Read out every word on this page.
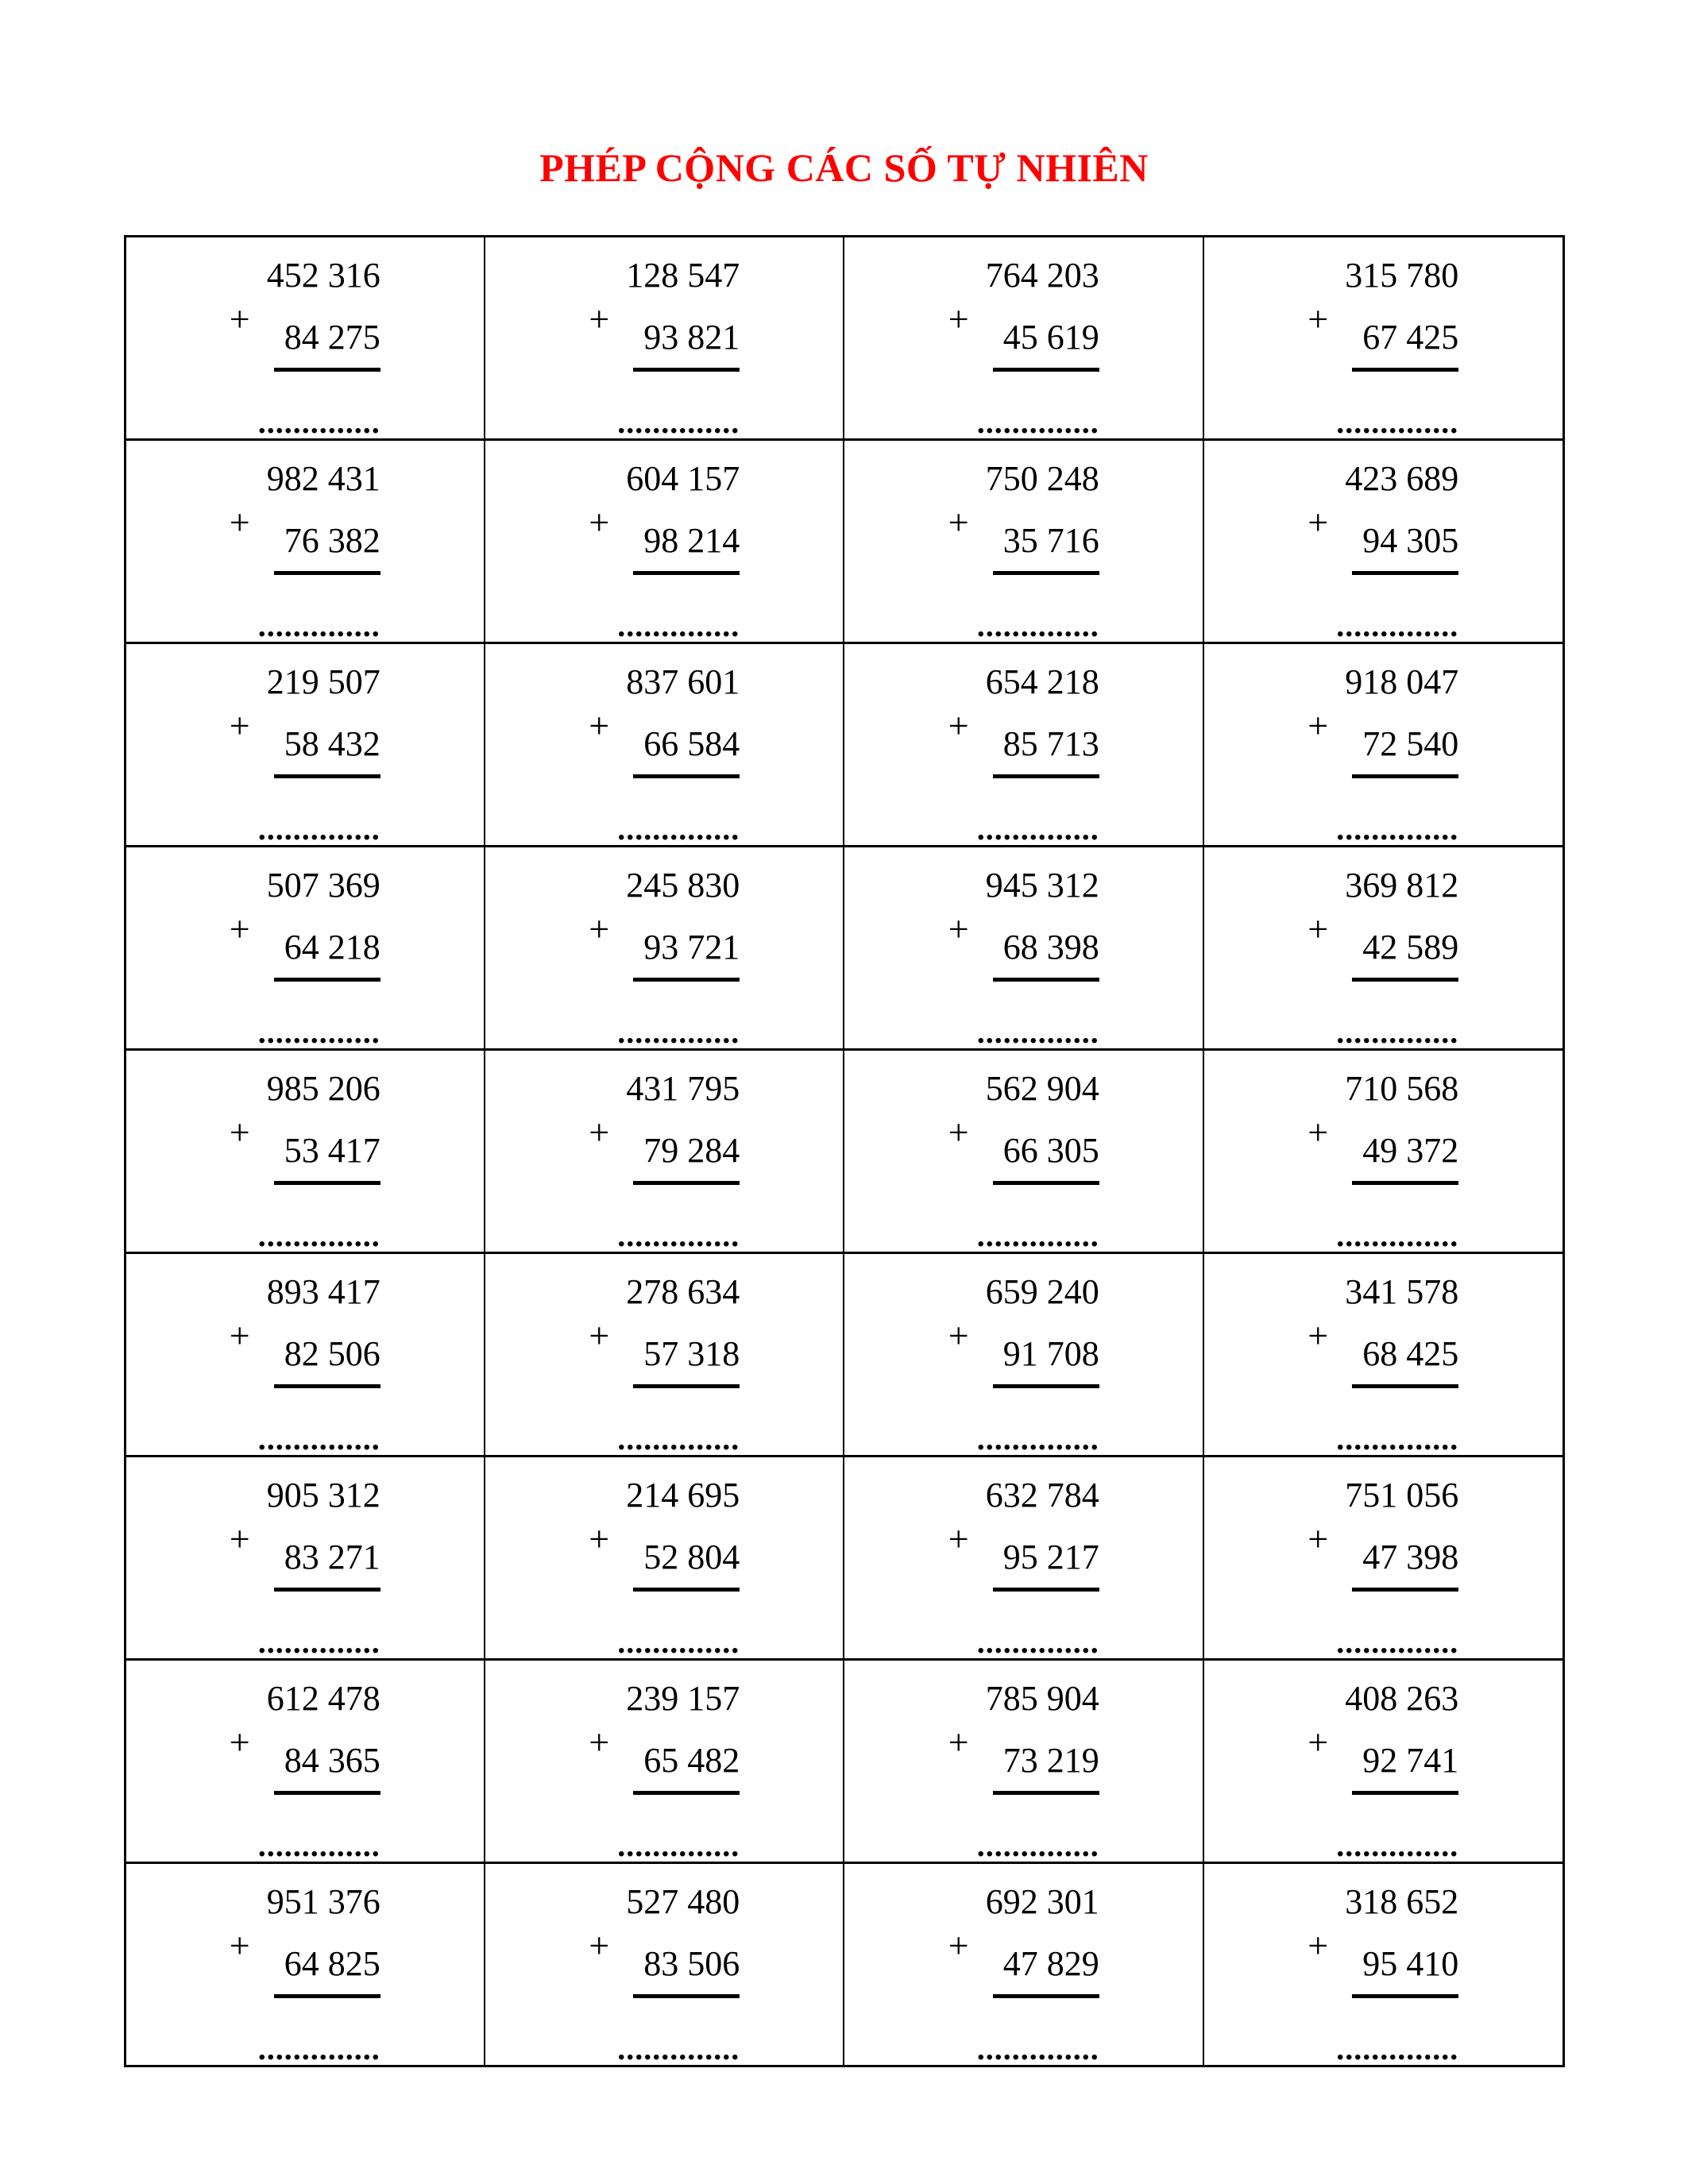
PHÉP CỘNG CÁC SỐ TỰ NHIÊN
452 316
+ 84 275
..............

128 547
+ 93 821
..............

764 203
+ 45 619
..............

315 780
+ 67 425
..............

982 431
+ 76 382
..............

604 157
+ 98 214
..............

750 248
+ 35 716
..............

423 689
+ 94 305
..............

219 507
+ 58 432
..............

837 601
+ 66 584
..............

654 218
+ 85 713
..............

918 047
+ 72 540
..............

507 369
+ 64 218
..............

245 830
+ 93 721
..............

945 312
+ 68 398
..............

369 812
+ 42 589
..............

985 206
+ 53 417
..............

431 795
+ 79 284
..............

562 904
+ 66 305
..............

710 568
+ 49 372
..............

893 417
+ 82 506
..............

278 634
+ 57 318
..............

659 240
+ 91 708
..............

341 578
+ 68 425
..............

905 312
+ 83 271
..............

214 695
+ 52 804
..............

632 784
+ 95 217
..............

751 056
+ 47 398
..............

612 478
+ 84 365
..............

239 157
+ 65 482
..............

785 904
+ 73 219
..............

408 263
+ 92 741
..............

951 376
+ 64 825
..............

527 480
+ 83 506
..............

692 301
+ 47 829
..............

318 652
+ 95 410
..............
